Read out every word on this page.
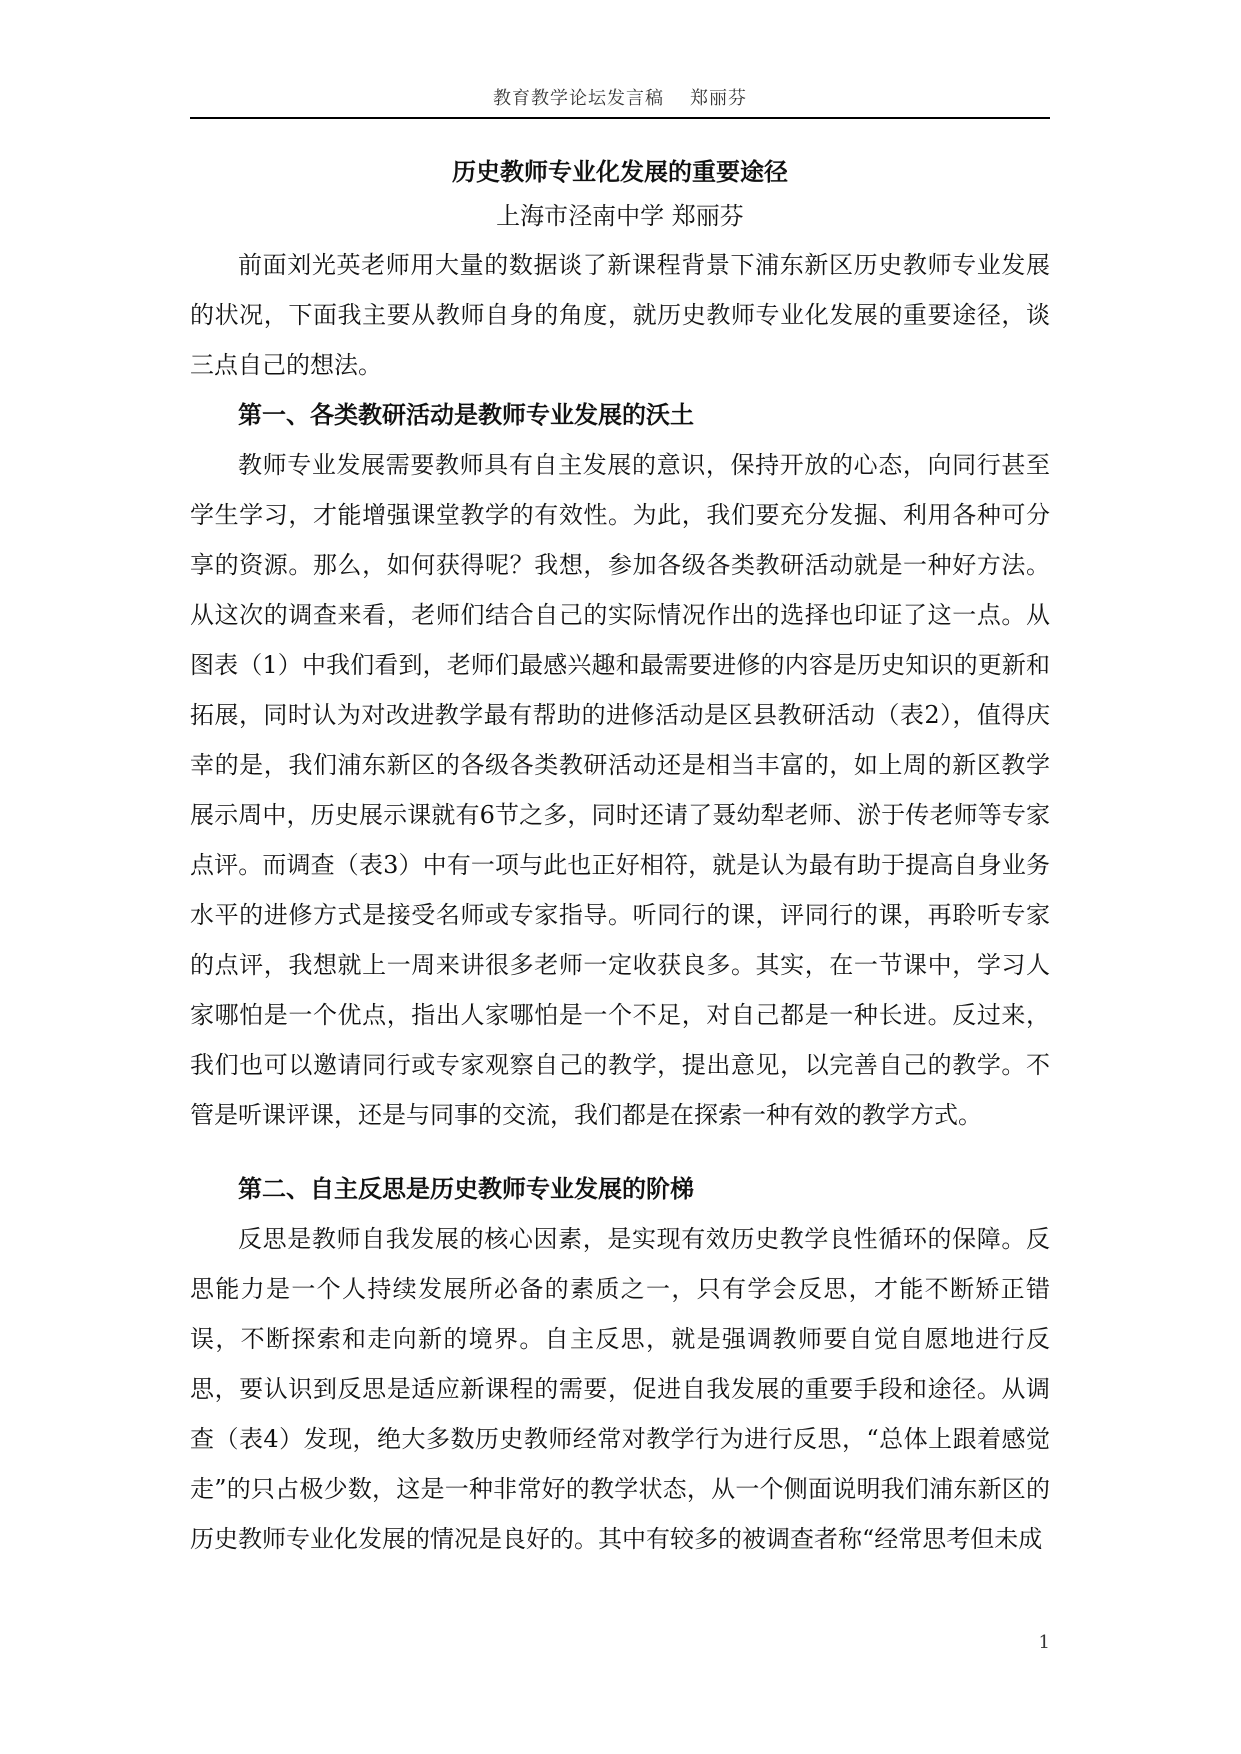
教育教学论坛发言稿 郑丽芬
历史教师专业化发展的重要途径
上海市泾南中学 郑丽芬

前面刘光英老师用大量的数据谈了新课程背景下浦东新区历史教师专业发展的状况，下面我主要从教师自身的角度，就历史教师专业化发展的重要途径，谈三点自己的想法。

第一、各类教研活动是教师专业发展的沃土

教师专业发展需要教师具有自主发展的意识，保持开放的心态，向同行甚至学生学习，才能增强课堂教学的有效性。为此，我们要充分发掘、利用各种可分享的资源。那么，如何获得呢？我想，参加各级各类教研活动就是一种好方法。从这次的调查来看，老师们结合自己的实际情况作出的选择也印证了这一点。从图表（1）中我们看到，老师们最感兴趣和最需要进修的内容是历史知识的更新和拓展，同时认为对改进教学最有帮助的进修活动是区县教研活动（表2），值得庆幸的是，我们浦东新区的各级各类教研活动还是相当丰富的，如上周的新区教学展示周中，历史展示课就有6节之多，同时还请了聂幼犁老师、淤于传老师等专家点评。而调查（表3）中有一项与此也正好相符，就是认为最有助于提高自身业务水平的进修方式是接受名师或专家指导。听同行的课，评同行的课，再聆听专家的点评，我想就上一周来讲很多老师一定收获良多。其实，在一节课中，学习人家哪怕是一个优点，指出人家哪怕是一个不足，对自己都是一种长进。反过来，我们也可以邀请同行或专家观察自己的教学，提出意见，以完善自己的教学。不管是听课评课，还是与同事的交流，我们都是在探索一种有效的教学方式。

第二、自主反思是历史教师专业发展的阶梯

反思是教师自我发展的核心因素，是实现有效历史教学良性循环的保障。反思能力是一个人持续发展所必备的素质之一，只有学会反思，才能不断矫正错误，不断探索和走向新的境界。自主反思，就是强调教师要自觉自愿地进行反思，要认识到反思是适应新课程的需要，促进自我发展的重要手段和途径。从调查（表4）发现，绝大多数历史教师经常对教学行为进行反思，“总体上跟着感觉走”的只占极少数，这是一种非常好的教学状态，从一个侧面说明我们浦东新区的历史教师专业化发展的情况是良好的。其中有较多的被调查者称“经常思考但未成

1
